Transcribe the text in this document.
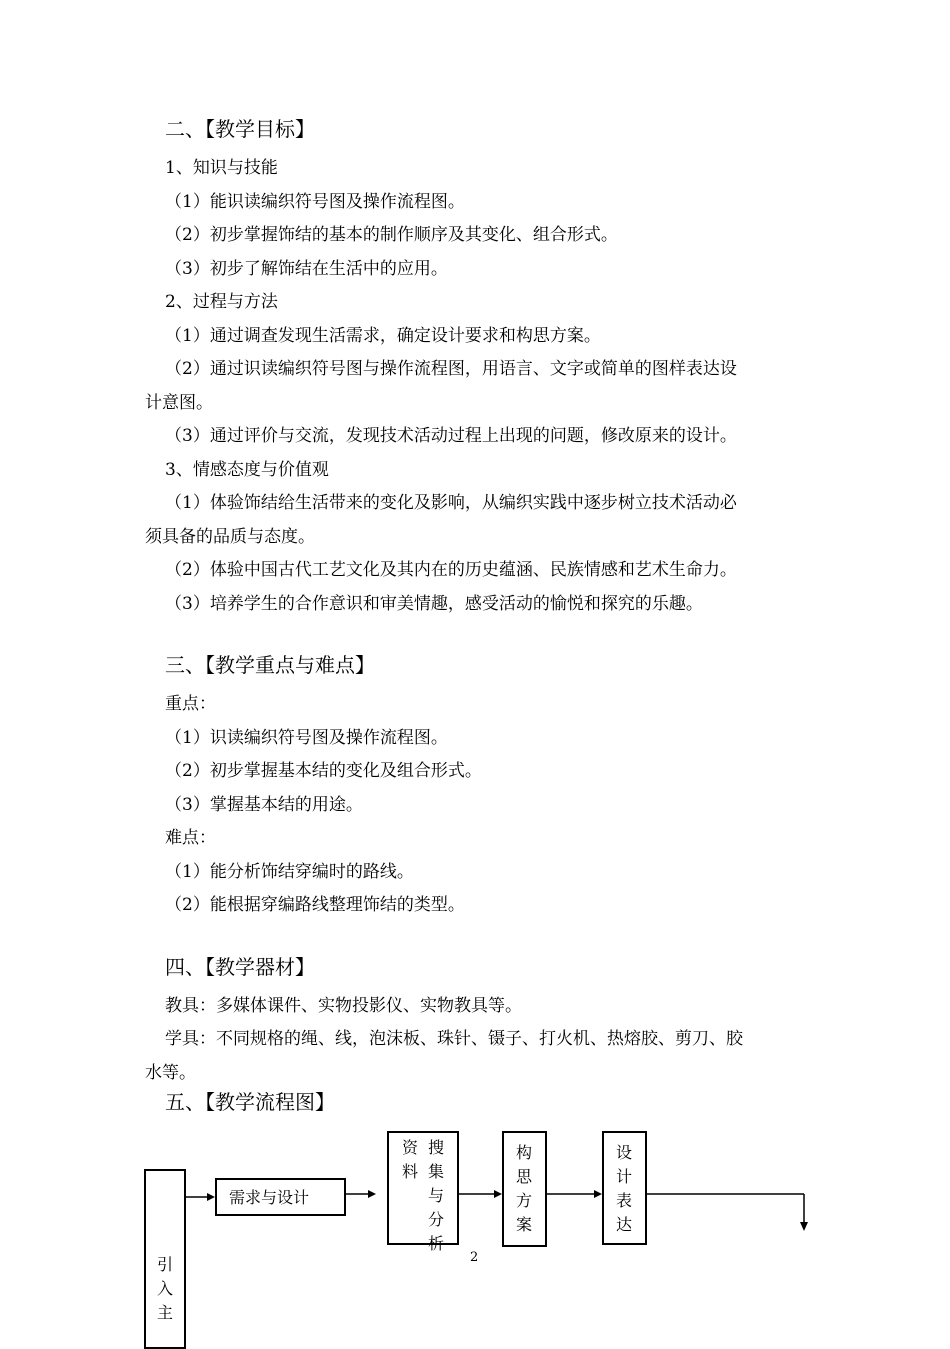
二、【教学目标】
1、知识与技能
（1）能识读编织符号图及操作流程图。
（2）初步掌握饰结的基本的制作顺序及其变化、组合形式。
（3）初步了解饰结在生活中的应用。
2、过程与方法
（1）通过调查发现生活需求，确定设计要求和构思方案。
（2）通过识读编织符号图与操作流程图，用语言、文字或简单的图样表达设
计意图。
（3）通过评价与交流，发现技术活动过程上出现的问题，修改原来的设计。
3、情感态度与价值观
（1）体验饰结给生活带来的变化及影响，从编织实践中逐步树立技术活动必
须具备的品质与态度。
（2）体验中国古代工艺文化及其内在的历史蕴涵、民族情感和艺术生命力。
（3）培养学生的合作意识和审美情趣，感受活动的愉悦和探究的乐趣。
三、【教学重点与难点】
重点：
（1）识读编织符号图及操作流程图。
（2）初步掌握基本结的变化及组合形式。
（3）掌握基本结的用途。
难点：
（1）能分析饰结穿编时的路线。
（2）能根据穿编路线整理饰结的类型。
四、【教学器材】
教具：多媒体课件、实物投影仪、实物教具等。
学具：不同规格的绳、线，泡沫板、珠针、镊子、打火机、热熔胶、剪刀、胶
水等。
五、【教学流程图】
引入主
需求与设计
资料
搜集与分析
构思方案
设计表达
2
